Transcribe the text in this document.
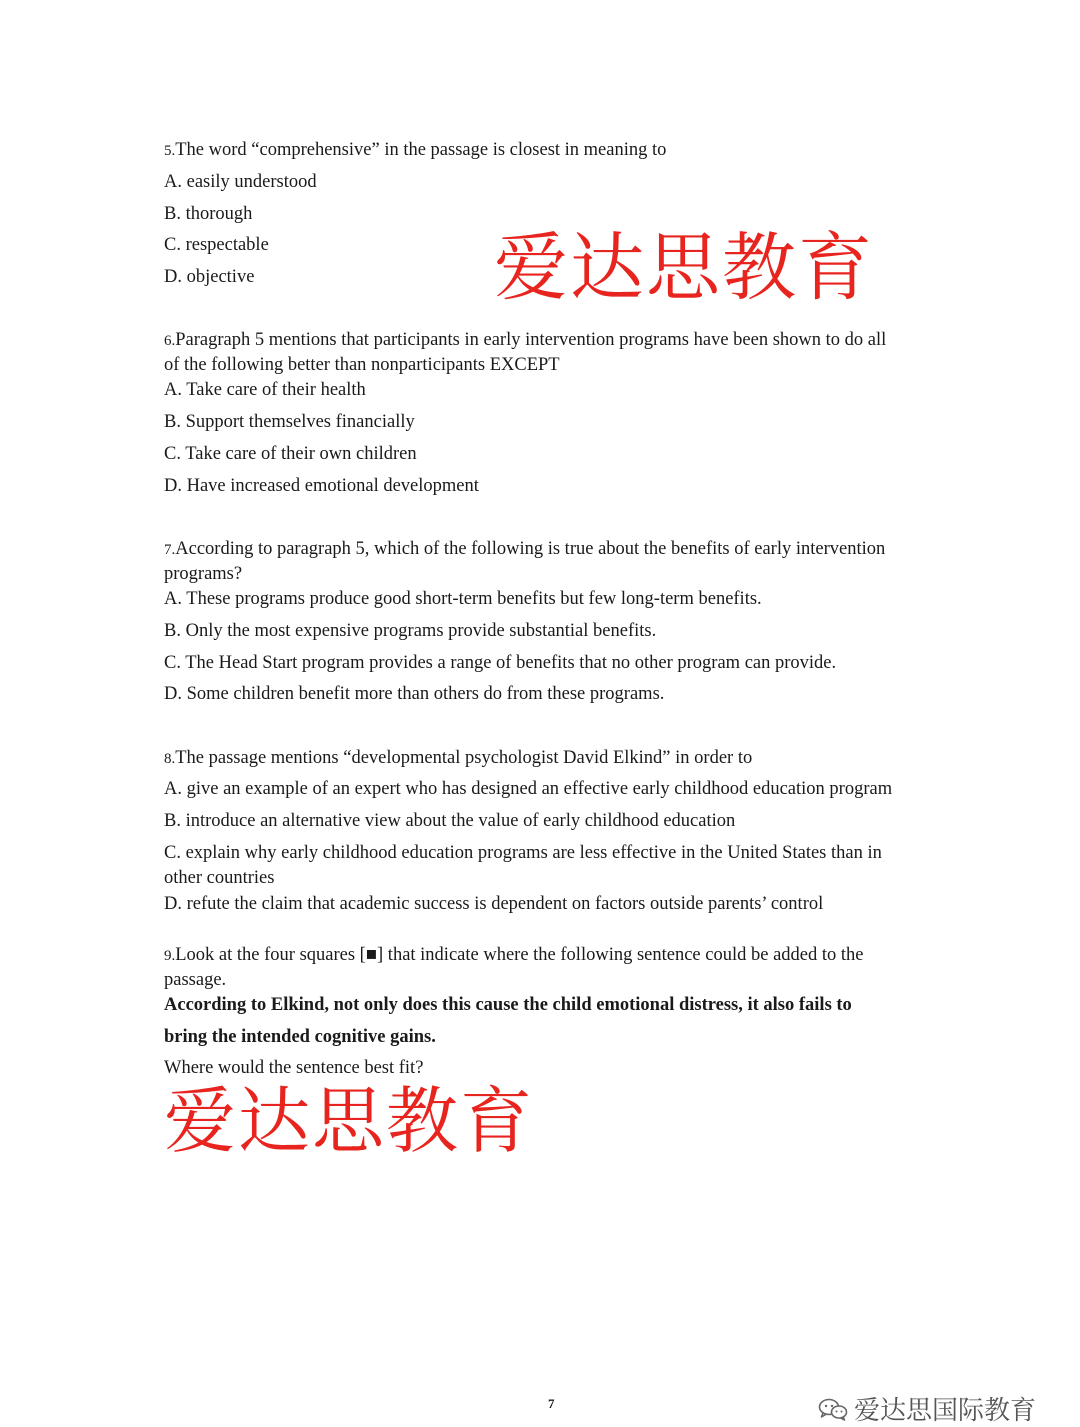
5.The word “comprehensive” in the passage is closest in meaning to
A. easily understood
B. thorough
C. respectable
D. objective
6.Paragraph 5 mentions that participants in early intervention programs have been shown to do all
of the following better than nonparticipants EXCEPT
A. Take care of their health
B. Support themselves financially
C. Take care of their own children
D. Have increased emotional development
7.According to paragraph 5, which of the following is true about the benefits of early intervention
programs?
A. These programs produce good short-term benefits but few long-term benefits.
B. Only the most expensive programs provide substantial benefits.
C. The Head Start program provides a range of benefits that no other program can provide.
D. Some children benefit more than others do from these programs.
8.The passage mentions “developmental psychologist David Elkind” in order to
A. give an example of an expert who has designed an effective early childhood education program
B. introduce an alternative view about the value of early childhood education
C. explain why early childhood education programs are less effective in the United States than in
other countries
D. refute the claim that academic success is dependent on factors outside parents’ control
9.Look at the four squares [■] that indicate where the following sentence could be added to the
passage.
According to Elkind, not only does this cause the child emotional distress, it also fails to
bring the intended cognitive gains.
Where would the sentence best fit?
爱达思教育
爱达思教育
7	爱达思国际教育
